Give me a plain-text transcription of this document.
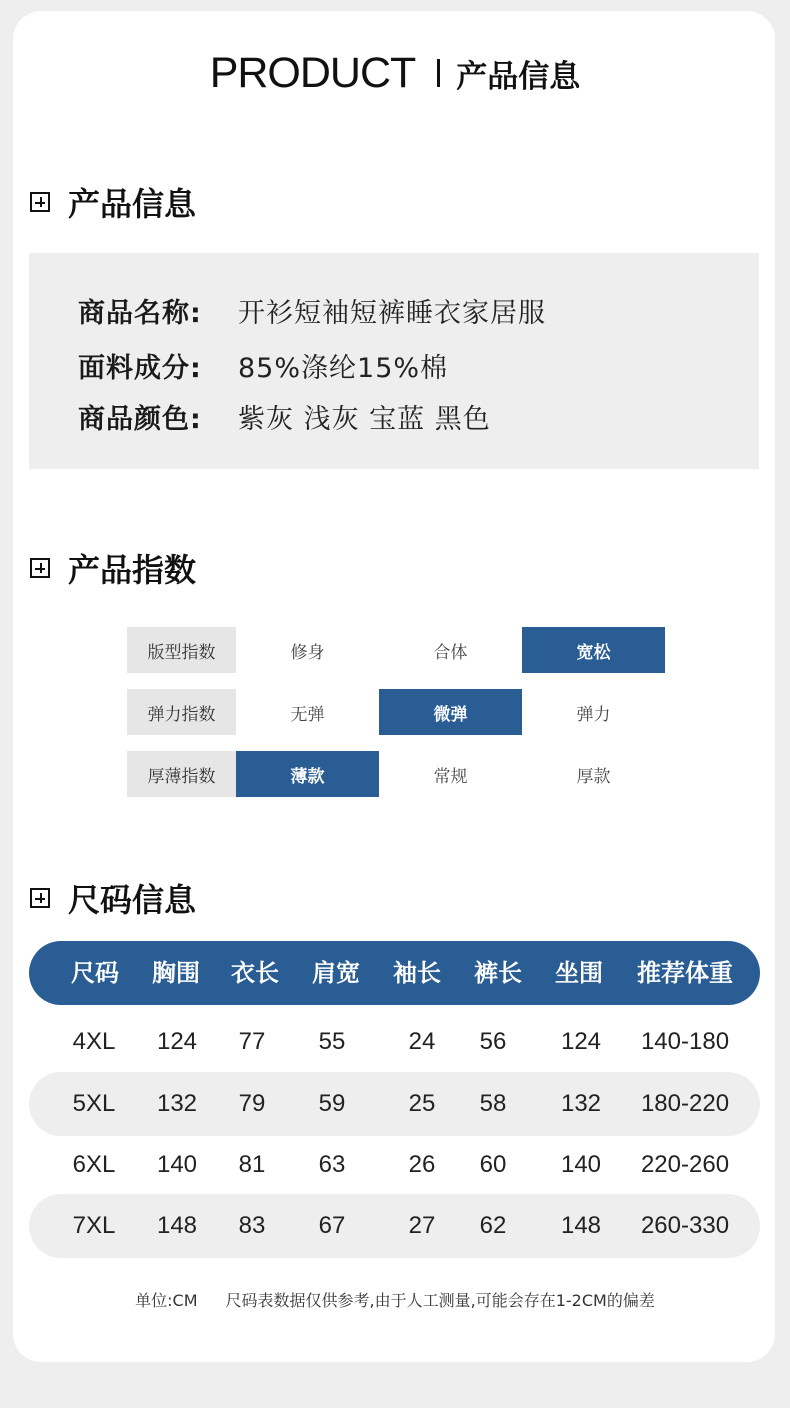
PRODUCT 产品信息
产品信息
商品名称:	开衫短袖短裤睡衣家居服
面料成分:	85%涤纶15%棉
商品颜色:	紫灰 浅灰 宝蓝 黑色
产品指数
版型指数	修身	合体	宽松
弹力指数	无弹	微弹	弹力
厚薄指数	薄款	常规	厚款
尺码信息
尺码 胸围 衣长 肩宽 袖长 裤长 坐围 推荐体重
4XL 124 77 55	24 56 124 140-180
5XL 132 79 59	25 58 132 180-220
6XL 140 81 63	26 60 140 220-260
7XL 148 83 67	27 62 148 260-330
单位:CM 尺码表数据仅供参考,由于人工测量,可能会存在1-2CM的偏差
